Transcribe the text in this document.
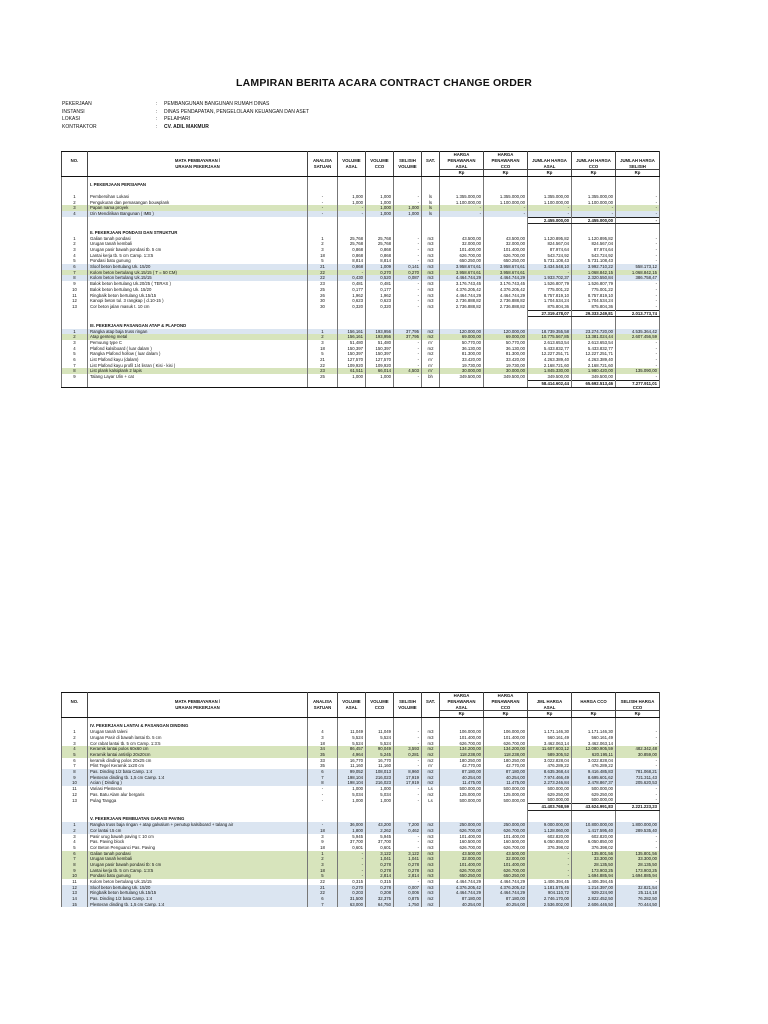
LAMPIRAN BERITA ACARA CONTRACT CHANGE ORDER
PEKERJAAN	:	PEMBANGUNAN BANGUNAN RUMAH DINAS
INSTANSI	:	DINAS PENDAPATAN, PENGELOLAAN KEUANGAN DAN ASET
LOKASI	:	PELAIHARI
KONTRAKTOR	:	CV. ADIL MAKMUR
							HARGA	HARGA			
NO.	MATA PEMBAYARAN /	ANALISA	VOLUME	VOLUME	SELISIH	SAT.	PENAWARAN	PENAWARAN	JUMLAH HARGA	JUMLAH HARGA	JUMLAH HARGA
	URAIAN PEKERJAAN	SATUAN	ASAL	CCO	VOLUME		ASAL	CCO	ASAL	CCO	SELISIH
							Rp	Rp	Rp	Rp	Rp

	I. PEKERJAAN PERSIAPAN										

1	Pembersihan Lokasi	-	1,000	1,000	-	ls	1.355.000,00	1.355.000,00	1.355.000,00	1.355.000,00	-
2	Pengukuran dan pemasangan bouwplank	-	1,000	1,000	-	ls	1.100.000,00	1.100.000,00	1.100.000,00	1.100.000,00	-
3	Papan nama proyek	-	-	1,000	1,000	ls	-	-	-	-	-
4	Izin Mendirikan Bangunan ( IMB )	-	-	1,000	1,000	ls	-	-	-	-	-
									2.455.000,00	2.455.000,00	-

	II. PEKERJAAN PONDASI DAN STRUKTUR										
1	Galian tanah pondasi	1	25,768	25,768	-	m3	43.500,00	43.500,00	1.120.895,82	1.120.895,82	-
2	Urugan tanah kembali	2	25,768	25,768	-	m3	32.000,00	32.000,00	824.567,04	824.567,04	-
3	Urugan pasir bawah pondasi tb. 5 cm	3	0,868	0,868	-	m3	101.400,00	101.400,00	87.974,64	87.974,64	-
4	Lantai kerja tb. 5 cm Camp. 1:3:5	18	0,868	0,868	-	m3	626.700,00	626.700,00	543.724,92	543.724,92	-
5	Pondasi batu gunung	5	8,814	8,814	-	m3	650.250,00	650.250,00	5.731.108,43	5.731.108,43	-
6	Sloof beton bertulang Uk. 15/20	21	0,868	1,009	0,141	m3	3.958.674,61	3.958.674,61	3.434.548,10	3.992.710,22	558.173,12
7	Kolom beton bertulang Uk.15/15 ( T = 50 CM)	22	-	0,270	0,270	m3	3.958.674,61	3.958.674,61	-	1.068.842,15	1.068.842,15
8	Kolom beton bertulang Uk.15/15	22	0,430	0,520	0,087	m3	4.464.744,29	4.464.744,29	1.933.702,37	2.320.550,84	386.758,47
9	Balok beton bertulang Uk.20/25 ( TERAS )	23	0,481	0,481	-	m3	3.176.743,45	3.176.743,45	1.526.807,79	1.526.807,79	-
10	Balok beton bertulang Uk. 15/20	25	0,177	0,177	-	m3	4.376.205,42	4.376.205,42	775.001,22	775.001,22	-
11	Ringbalk beton bertulang Uk.15/15	26	1,962	1,962	-	m3	4.464.744,29	4.464.744,29	8.757.819,10	8.757.819,10	-
12	Kanopi beton tul. 3 rangkap ( d.10-15 )	30	0,623	0,623	-	m3	2.736.888,82	2.736.888,82	1.704.534,24	1.704.534,24	-
13	Cor beton jalan masuk t. 10 cm	30	0,320	0,320	-	m3	2.736.888,82	2.736.888,82	875.804,36	875.804,36	-
									27.319.478,07	29.333.249,81	2.013.773,74

	III. PEKERJAAN PASANGAN ATAP & PLAFOND										
1	Rangka atap baja truss ringan	1	156,161	193,956	37,795	m2	120.000,00	120.000,00	18.739.355,58	23.274.720,00	4.535.364,42
2	Atap genteng metal	2	156,161	193,956	37,795	m2	69.000,00	69.000,00	10.775.567,85	13.381.024,44	2.607.456,59
3	Pemuung type C	3	51,480	51,480	-	m'	50.770,00	50.770,00	2.613.653,54	2.613.653,54	-
4	Plafond kalsiboard ( luar dalam )	18	150,397	150,397	-	m2	36.130,00	36.130,00	5.433.832,77	5.433.832,77	-
5	Rangka Plafond hollow ( luar dalam )	5	150,397	150,397	-	m2	81.300,00	81.300,00	12.227.251,71	12.227.251,71	-
6	List Plafond kayu (dalam)	21	127,570	127,570	-	m'	33.420,00	33.420,00	4.263.389,40	4.263.389,40	-
7	List Plafond kayu profil 1/4 lisran ( Kisi - kisi )	22	109,920	109,920	-	m'	19.730,00	19.730,00	2.168.721,60	2.168.721,60	-
8	List plank kalsiplank 2 lapis	23	61,511	66,014	4,503	m'	30.000,00	30.000,00	1.845.330,00	1.980.420,00	135.090,00
9	Talang Layar Ulin + cat	25	1,000	1,000	-	bh	349.500,00	349.500,00	349.500,00	349.500,00	-
									58.414.602,44	65.692.513,46	7.277.911,01
							HARGA	HARGA			
NO.	MATA PEMBAYARAN /	ANALISA	VOLUME	VOLUME	SELISIH	SAT.	PENAWARAN	PENAWARAN	JML HARGA	HARGA CCO	SELISIH HARGA
	URAIAN PEKERJAAN	SATUAN	ASAL	CCO	VOLUME		ASAL	CCO	ASAL		CCO
							Rp	Rp	Rp	Rp	Rp

	IV. PEKERJAAN LANTAI & PASANGAN DINDING										
1	Urugan tanah taleni	4	11,049	11,049	-	m3	106.000,00	106.000,00	1.171.146,30	1.171.146,30	-
2	Urugan Pasir di bawah lantai tb. 5 cm	3	5,524	5,524	-	m3	101.400,00	101.400,00	560.161,49	560.161,49	-
3	Cor rabat lantai tb. 5 cm Camp. 1:3:5	18	5,524	5,524	-	m3	626.700,00	626.700,00	3.462.063,14	3.462.063,14	-
4	Keramik lantai polos 60x60 cm	34	86,457	90,049	3,593	m2	134.200,00	134.200,00	11.607.603,12	12.080.905,59	482.342,48
5	Keramik lantai antislip 20x20cm	35	4,964	5,245	0,281	m2	118.238,00	118.238,00	589.305,52	620.195,11	30.859,00
6	keramik dinding polos 20x25 cm	33	16,770	16,770	-	m2	180.250,00	180.250,00	3.022.828,04	3.022.828,04	-
7	Plint Tegel Keramik 1x20 cm	35	11,160	11,160	-	m'	42.770,00	42.770,00	476.289,22	476.289,22	-
8	Pas. Dinding 1/2 bata Camp. 1:4	6	99,052	108,013	8,960	m2	87.180,00	87.180,00	8.635.368,44	9.416.485,83	781.068,21
9	Plesteran dinding tb. 1,5 cm Camp. 1:4	7	198,104	216,023	17,919	m2	40.254,00	40.254,00	7.974.466,49	8.695.601,62	721.311,43
10	Acian ( Dinding )	8	198,104	216,023	17,919	m2	11.475,00	11.475,00	2.273.246,84	2.478.867,37	205.620,53
11	Variasi Plesteran	-	1,000	1,000	-	Ls	500.000,00	500.000,00	500.000,00	500.000,00	-
12	Pas. Batu Alam alur bergaris	-	5,034	5,034	-	m2	125.000,00	125.000,00	629.250,00	629.250,00	-
13	Pulag Tangga	-	1,000	1,000	-	Ls	500.000,00	500.000,00	500.000,00	500.000,00	-
									41.403.768,59	43.624.991,83	2.221.223,23

	V. PEKERJAAN PEMBUATAN GARASI PAVING										
1	Rangka truss baja ringan + atap galvalum + penutup kalsiboard + talang air	-	36,000	43,200	7,200	m2	250.000,00	250.000,00	9.000.000,00	10.800.000,00	1.800.000,00
2	Cor lantai t.5 cm	18	1,800	2,262	0,462	m3	626.700,00	626.700,00	1.128.060,00	1.417.595,40	289.535,40
3	Pasir urug bawah paving t: 10 cm	3	5,945	5,945	-	m3	101.400,00	101.400,00	602.820,00	602.820,00	-
4	Pas. Paving block	9	37,700	37,700	-	m2	160.500,00	160.500,00	6.050.850,00	6.050.850,00	-
5	Cor Beton Penguanci Pas. Paving	18	0,601	0,601	-	m3	626.700,00	626.700,00	376.398,02	376.398,02	-
6	Galian tanah pondasi	1	-	3,122	3,122	m3	43.500,00	43.500,00	-	135.801,56	135.801,56
7	Urugan tanah kembali	2	-	1,041	1,041	m3	32.000,00	32.000,00	-	33.300,00	33.300,00
8	Urugan pasir bawah pondasi tb: 5 cm	3	-	0,278	0,278	m3	101.400,00	101.400,00	-	28.135,50	28.135,50
9	Lantai kerja tb. 5 cm Camp. 1:3:5	18	-	0,278	0,278	m3	626.700,00	626.700,00	-	173.903,25	173.903,25
10	Pondasi batu gunung	5	-	2,814	2,814	m3	650.250,00	650.250,00	-	1.694.885,94	1.694.885,94
11	Kolom beton bertulang Uk.15/15	22	0,315	0,315	-	m3	4.464.744,29	4.464.744,29	1.406.394,45	1.406.394,45	-
12	Sloof beton bertulang Uk. 15/20	21	0,270	0,278	0,007	m3	4.376.205,42	4.376.205,42	1.181.575,46	1.214.397,00	32.821,54
13	Ringbalk beton bertulang Uk.15/15	22	0,203	0,208	0,006	m3	4.464.744,29	4.464.744,29	904.110,72	929.224,90	25.114,18
14	Pas. Dinding 1/2 bata Camp. 1:4	6	31,500	32,375	0,875	m2	87.180,00	87.180,00	2.746.170,00	2.822.452,50	76.282,50
15	Plesteran dinding tb. 1,5 cm Camp. 1:4	7	63,000	64,750	1,750	m2	40.254,00	40.254,00	2.536.002,00	2.606.446,50	70.444,50
